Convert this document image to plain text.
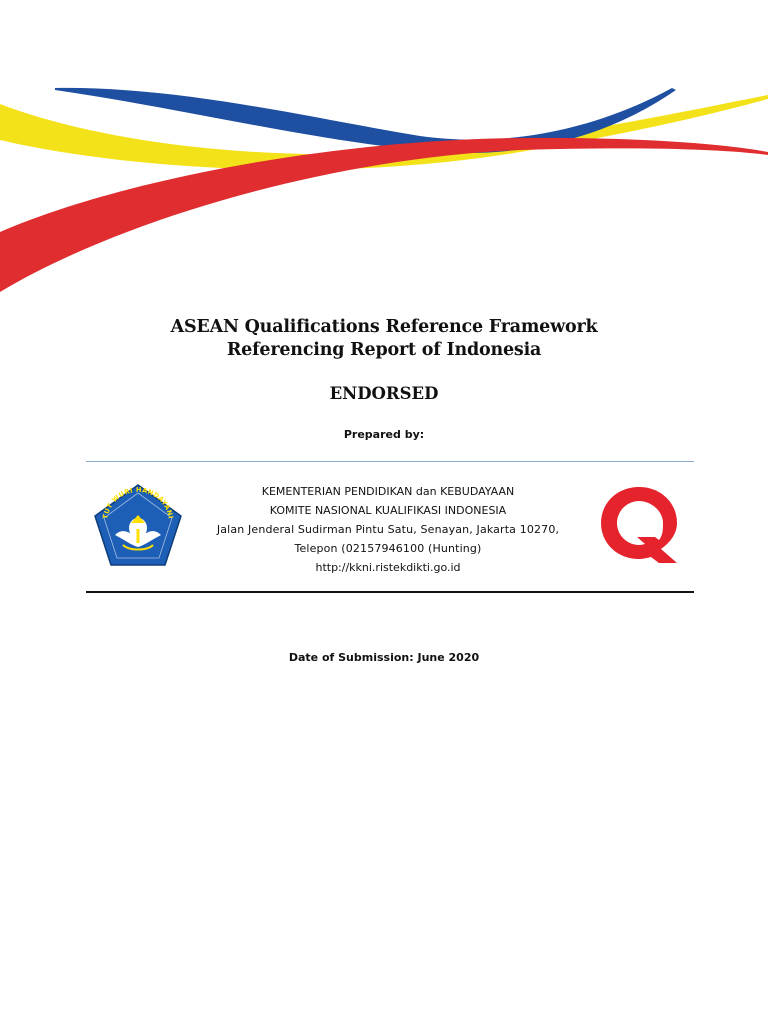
ASEAN Qualifications Reference Framework
Referencing Report of Indonesia
ENDORSED
Prepared by:
TUT WURI HANDAYANI
KEMENTERIAN PENDIDIKAN dan KEBUDAYAAN
KOMITE NASIONAL KUALIFIKASI INDONESIA
Jalan Jenderal Sudirman Pintu Satu, Senayan, Jakarta 10270,
Telepon (02157946100 (Hunting)
http://kkni.ristekdikti.go.id
Date of Submission: June 2020
